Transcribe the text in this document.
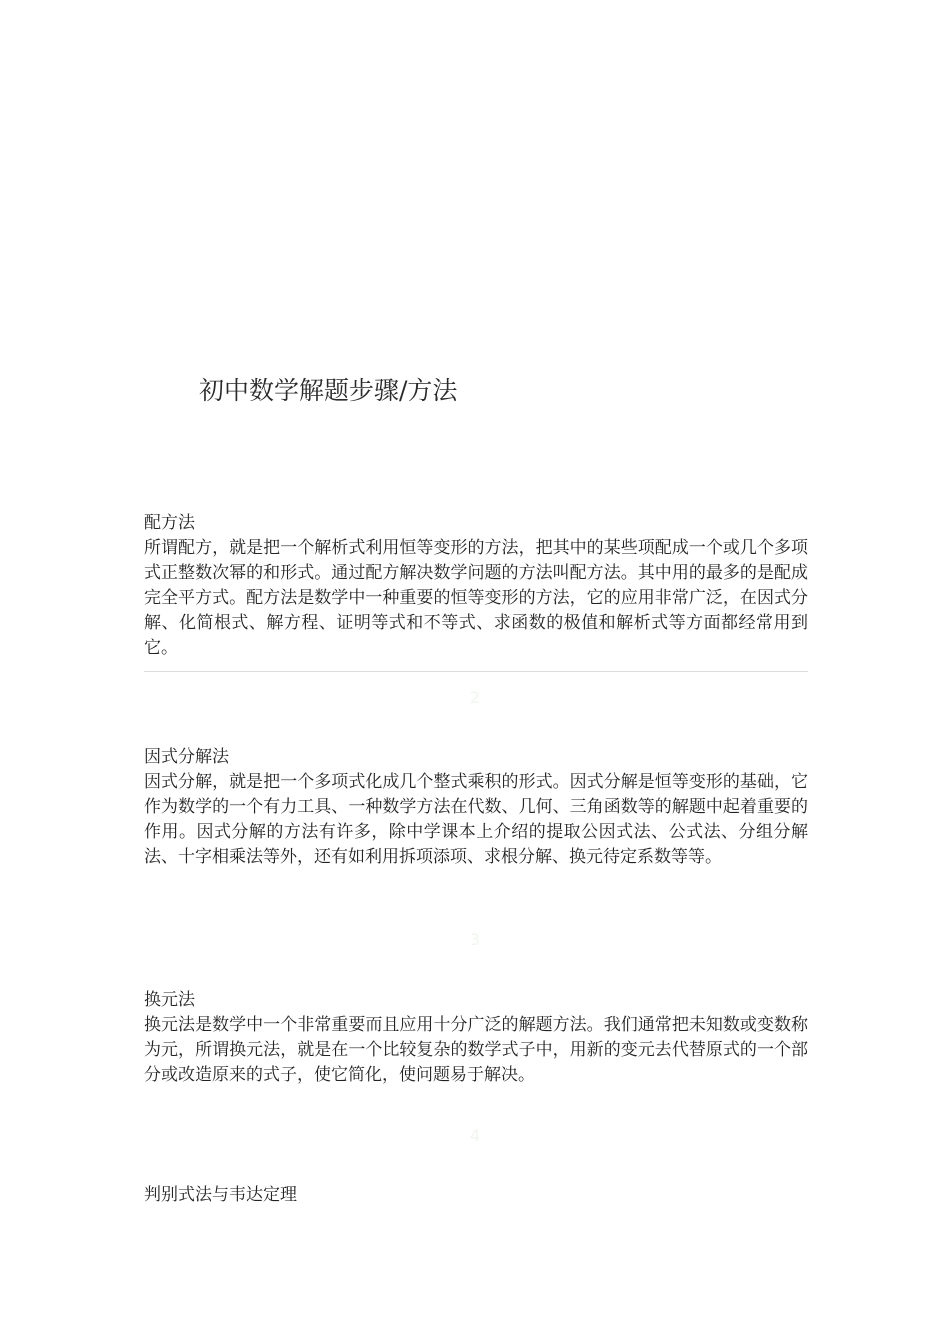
初中数学解题步骤/方法

配方法

所谓配方，就是把一个解析式利用恒等变形的方法，把其中的某些项配成一个或几个多项式正整数次幂的和形式。通过配方解决数学问题的方法叫配方法。其中用的最多的是配成完全平方式。配方法是数学中一种重要的恒等变形的方法，它的应用非常广泛，在因式分解、化简根式、解方程、证明等式和不等式、求函数的极值和解析式等方面都经常用到它。

2

因式分解法

因式分解，就是把一个多项式化成几个整式乘积的形式。因式分解是恒等变形的基础，它作为数学的一个有力工具、一种数学方法在代数、几何、三角函数等的解题中起着重要的作用。因式分解的方法有许多，除中学课本上介绍的提取公因式法、公式法、分组分解法、十字相乘法等外，还有如利用拆项添项、求根分解、换元待定系数等等。

3

换元法

换元法是数学中一个非常重要而且应用十分广泛的解题方法。我们通常把未知数或变数称为元，所谓换元法，就是在一个比较复杂的数学式子中，用新的变元去代替原式的一个部分或改造原来的式子，使它简化，使问题易于解决。

4

判别式法与韦达定理
